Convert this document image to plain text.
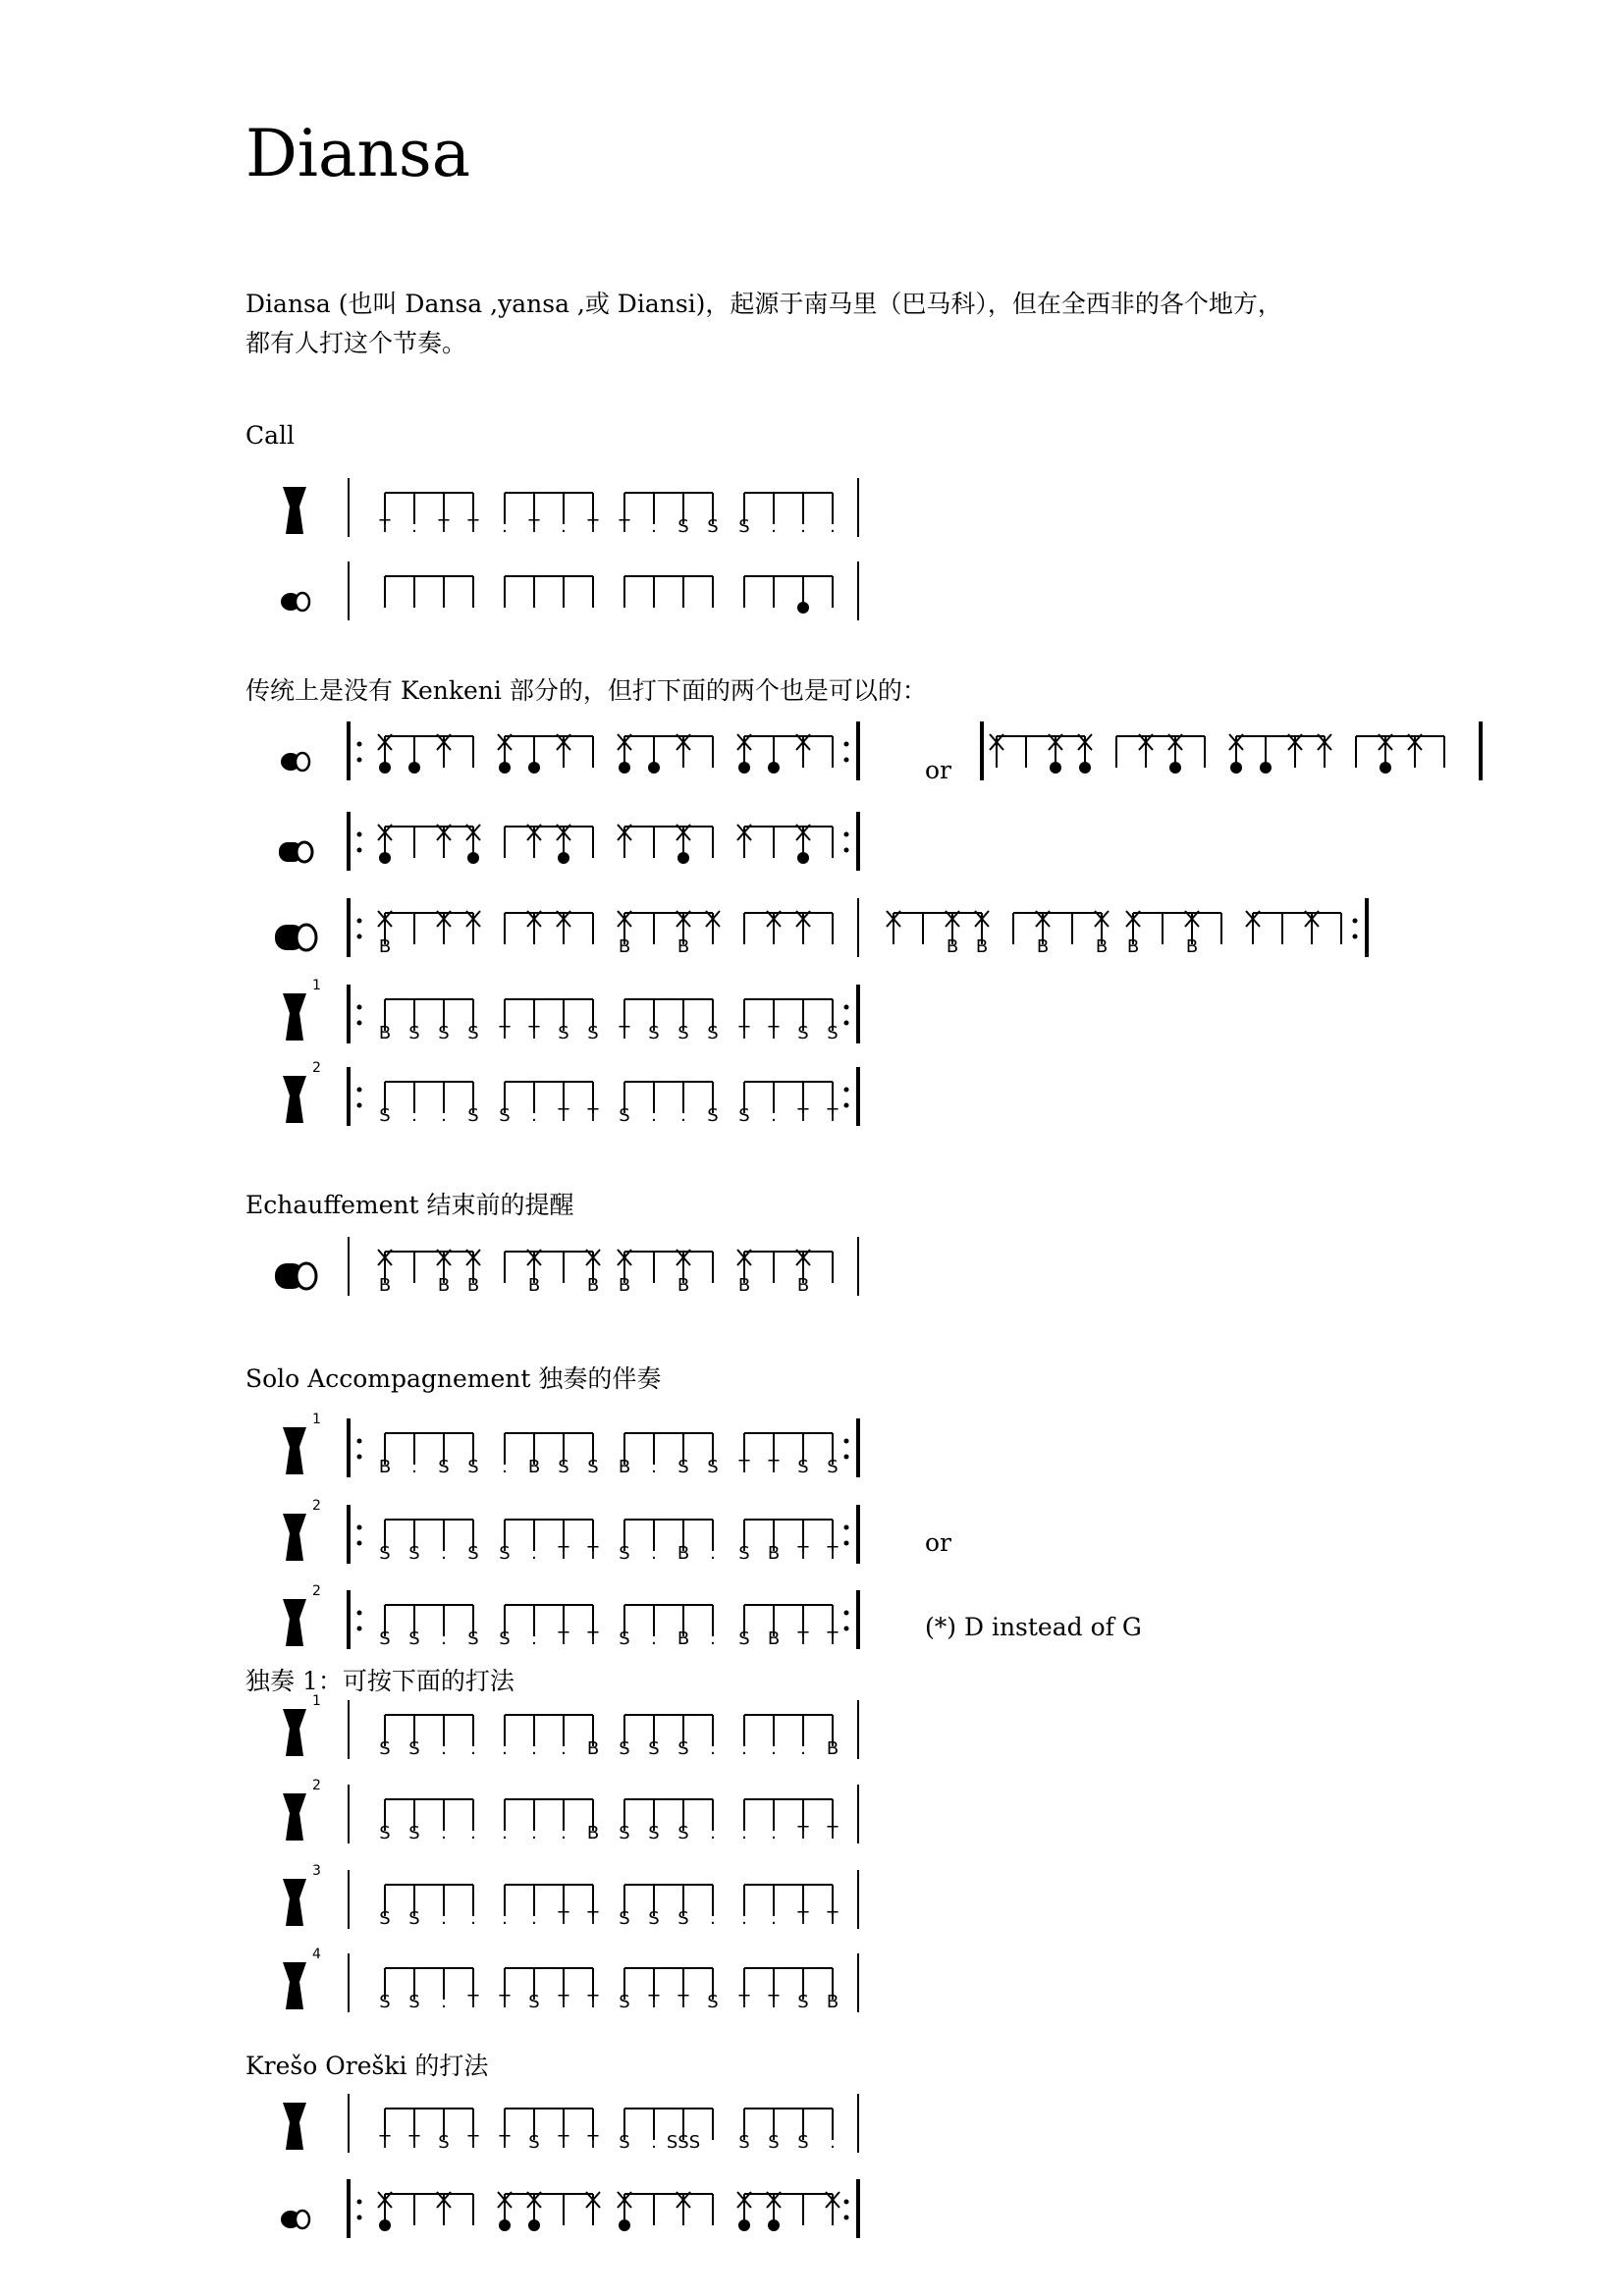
Diansa
Diansa (也叫 Dansa ,yansa ,或 Diansi)，起源于南马里（巴马科），但在全西非的各个地方，
都有人打这个节奏。
Call
传统上是没有 Kenkeni 部分的，但打下面的两个也是可以的：
Echauffement 结束前的提醒
Solo Accompagnement 独奏的伴奏
独奏 1：可按下面的打法
Krešo Oreški 的打法
or
or
(*) D instead of G
T . T T . T . T T . S S S . . .
B	B	B	B B	B	B B	B
1
B S S S T T S S T S S S T T S S
2
S . . S S . T T S . . S S . T T
B	B B	B	B B	B	B	B
1
B . S S . B S S B . S S T T S S
2
S S . S S . T T S . B . S B T T
2
S S . S S . T T S . B . S B T T
1
S S . . . . . B S S S . . . . B
2
S S . . . . . B S S S . . . T T
3
S S . . . . T T S S S . . . T T
4
S S . T T S T T S T T S T T S B
T T S T T S T T S . SSS S S S .
